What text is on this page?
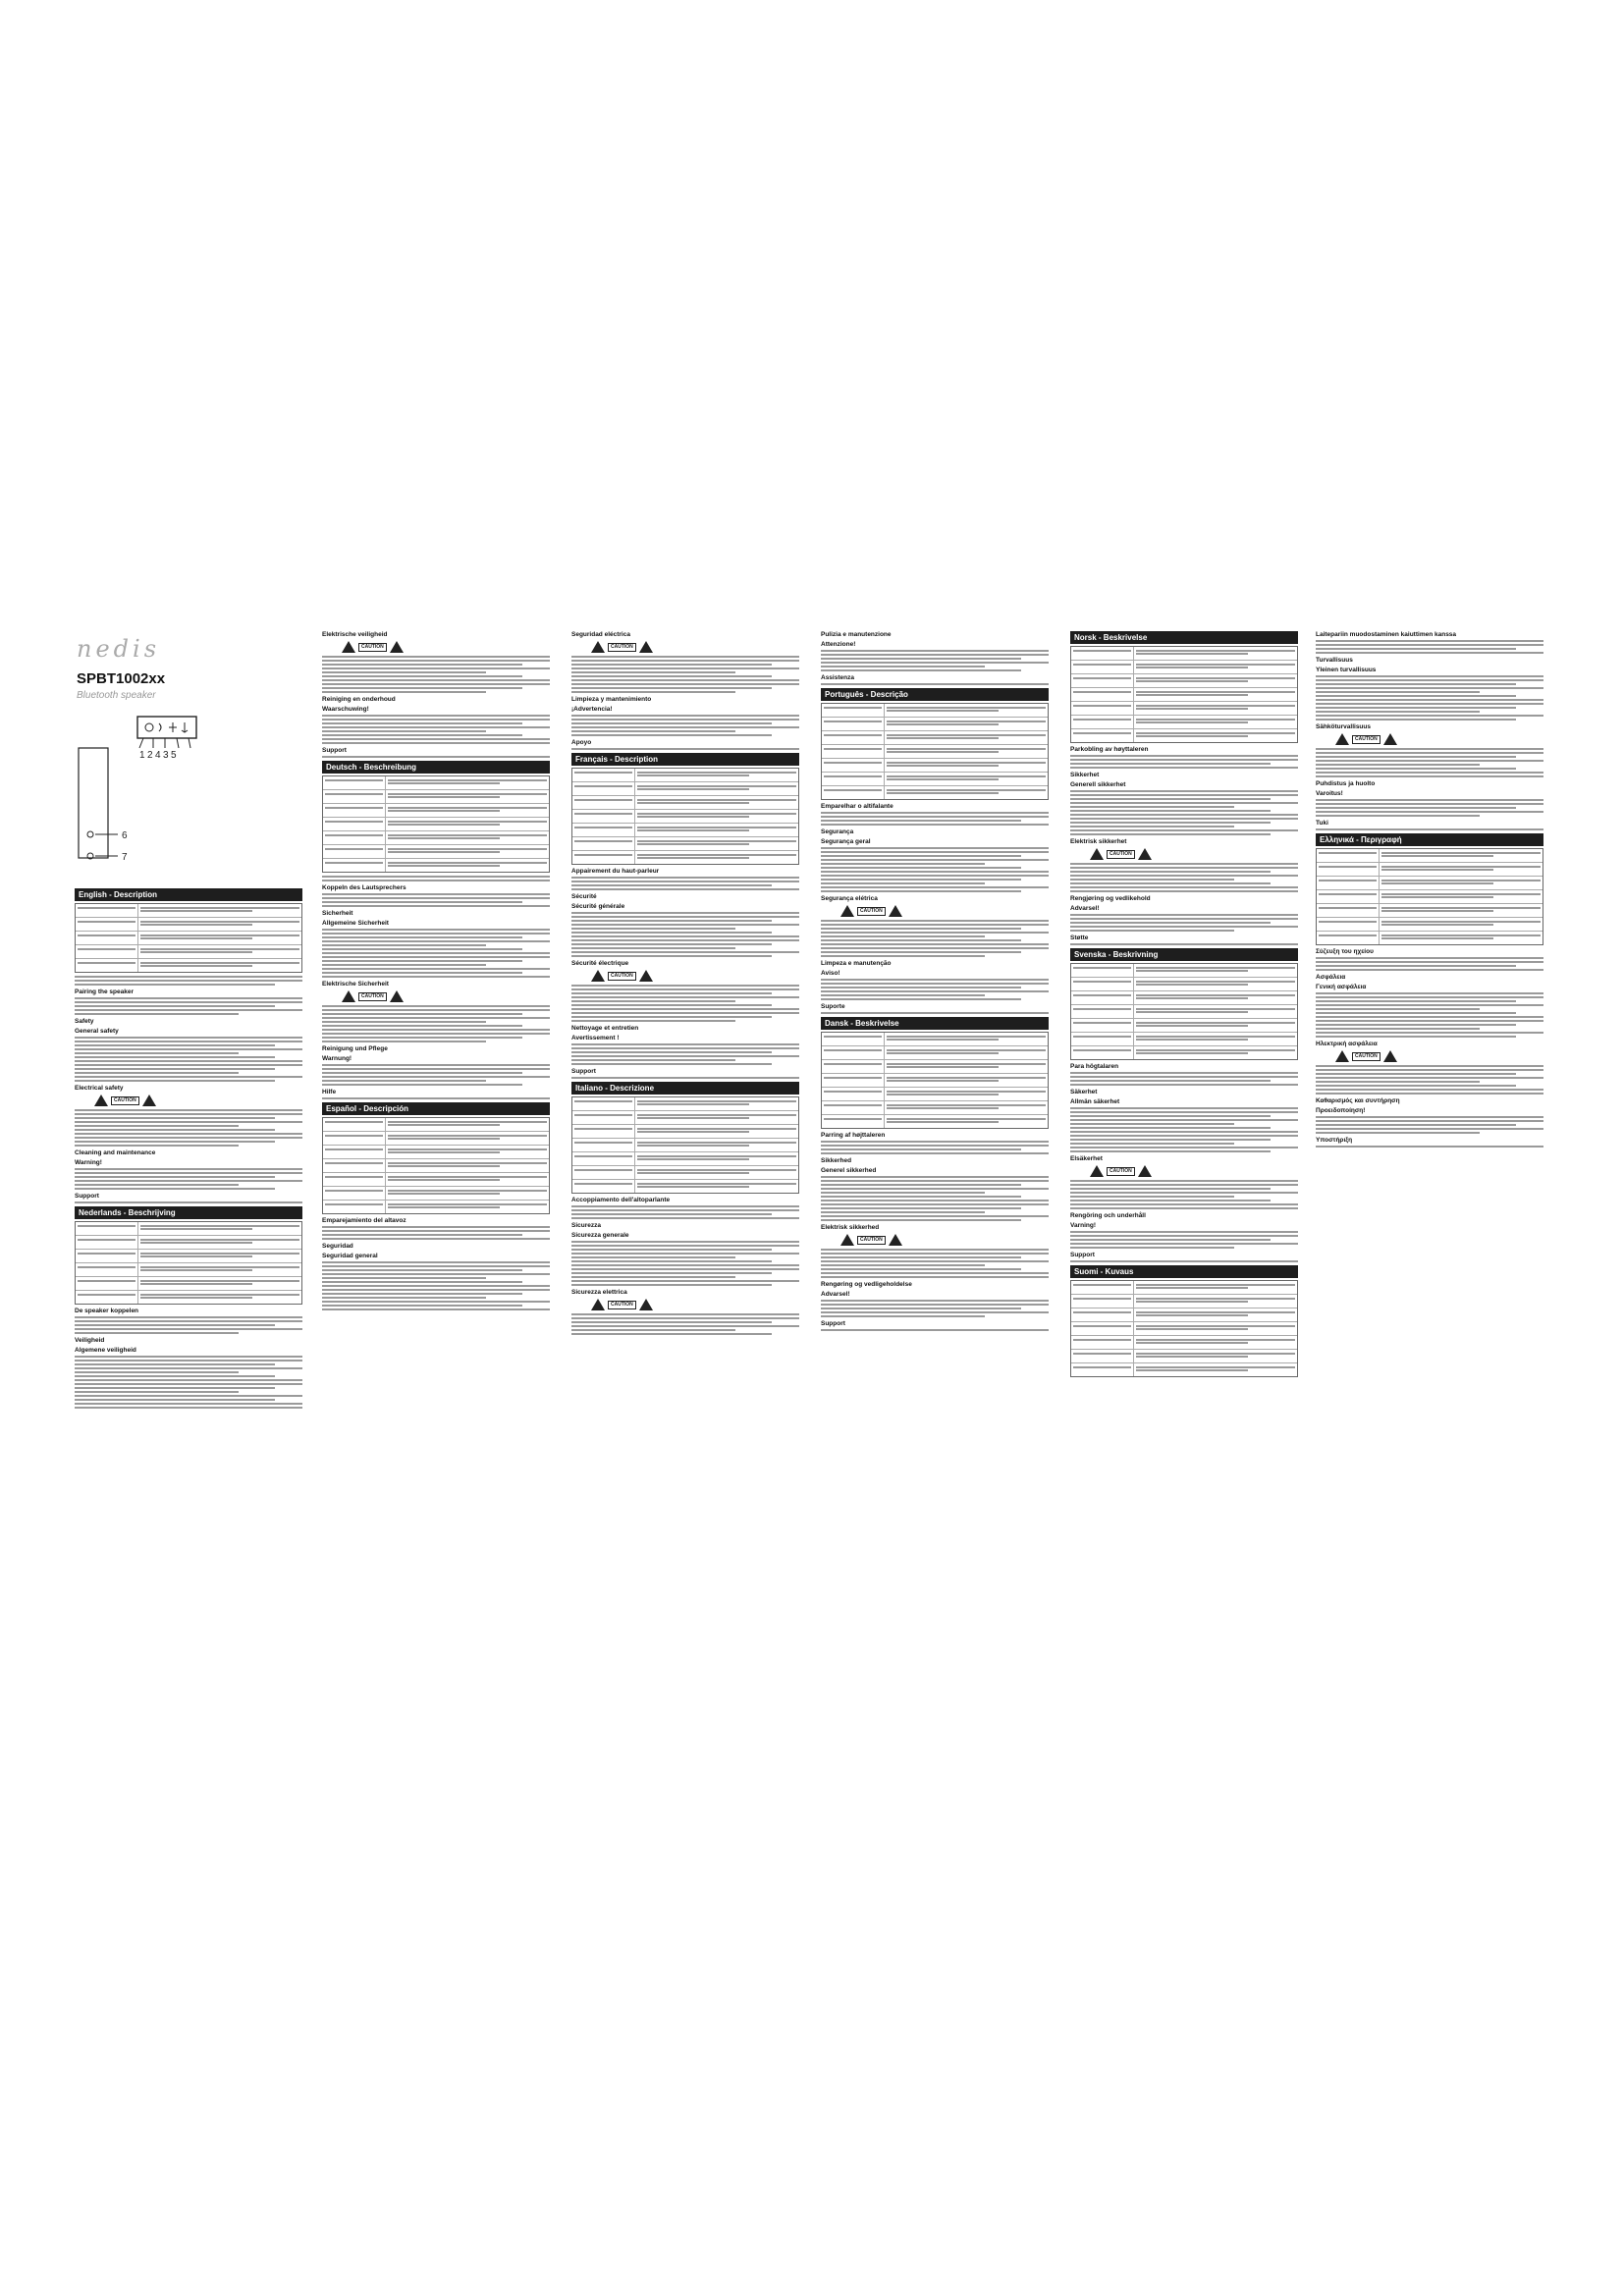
nedis
SPBT1002xx
Bluetooth speaker
1 2 4 3 5
6
7
English - Description
Pairing the speaker
Safety
General safety
Electrical safety
CAUTION
Cleaning and maintenance
Warning!
Support
Nederlands - Beschrijving
De speaker koppelen
Veiligheid
Algemene veiligheid
Elektrische veiligheid
CAUTION
Reiniging en onderhoud
Waarschuwing!
Support
Deutsch - Beschreibung
Koppeln des Lautsprechers
Sicherheit
Allgemeine Sicherheit
Elektrische Sicherheit
CAUTION
Reinigung und Pflege
Warnung!
Hilfe
Español - Descripción
Emparejamiento del altavoz
Seguridad
Seguridad general
Seguridad eléctrica
CAUTION
Limpieza y mantenimiento
¡Advertencia!
Apoyo
Français - Description
Appairement du haut-parleur
Sécurité
Sécurité générale
Sécurité électrique
CAUTION
Nettoyage et entretien
Avertissement !
Support
Italiano - Descrizione
Accoppiamento dell'altoparlante
Sicurezza
Sicurezza generale
Sicurezza elettrica
CAUTION
Pulizia e manutenzione
Attenzione!
Assistenza
Português - Descrição
Emparelhar o altifalante
Segurança
Segurança geral
Segurança elétrica
CAUTION
Limpeza e manutenção
Aviso!
Suporte
Dansk - Beskrivelse
Parring af højttaleren
Sikkerhed
Generel sikkerhed
Elektrisk sikkerhed
CAUTION
Rengøring og vedligeholdelse
Advarsel!
Support
Norsk - Beskrivelse
Parkobling av høyttaleren
Sikkerhet
Generell sikkerhet
Elektrisk sikkerhet
CAUTION
Rengjøring og vedlikehold
Advarsel!
Støtte
Svenska - Beskrivning
Para högtalaren
Säkerhet
Allmän säkerhet
Elsäkerhet
CAUTION
Rengöring och underhåll
Varning!
Support
Suomi - Kuvaus
Laitepariin muodostaminen kaiuttimen kanssa
Turvallisuus
Yleinen turvallisuus
Sähköturvallisuus
CAUTION
Puhdistus ja huolto
Varoitus!
Tuki
Ελληνικά - Περιγραφή
Σύζευξη του ηχείου
Ασφάλεια
Γενική ασφάλεια
Ηλεκτρική ασφάλεια
CAUTION
Καθαρισμός και συντήρηση
Προειδοποίηση!
Υποστήριξη
